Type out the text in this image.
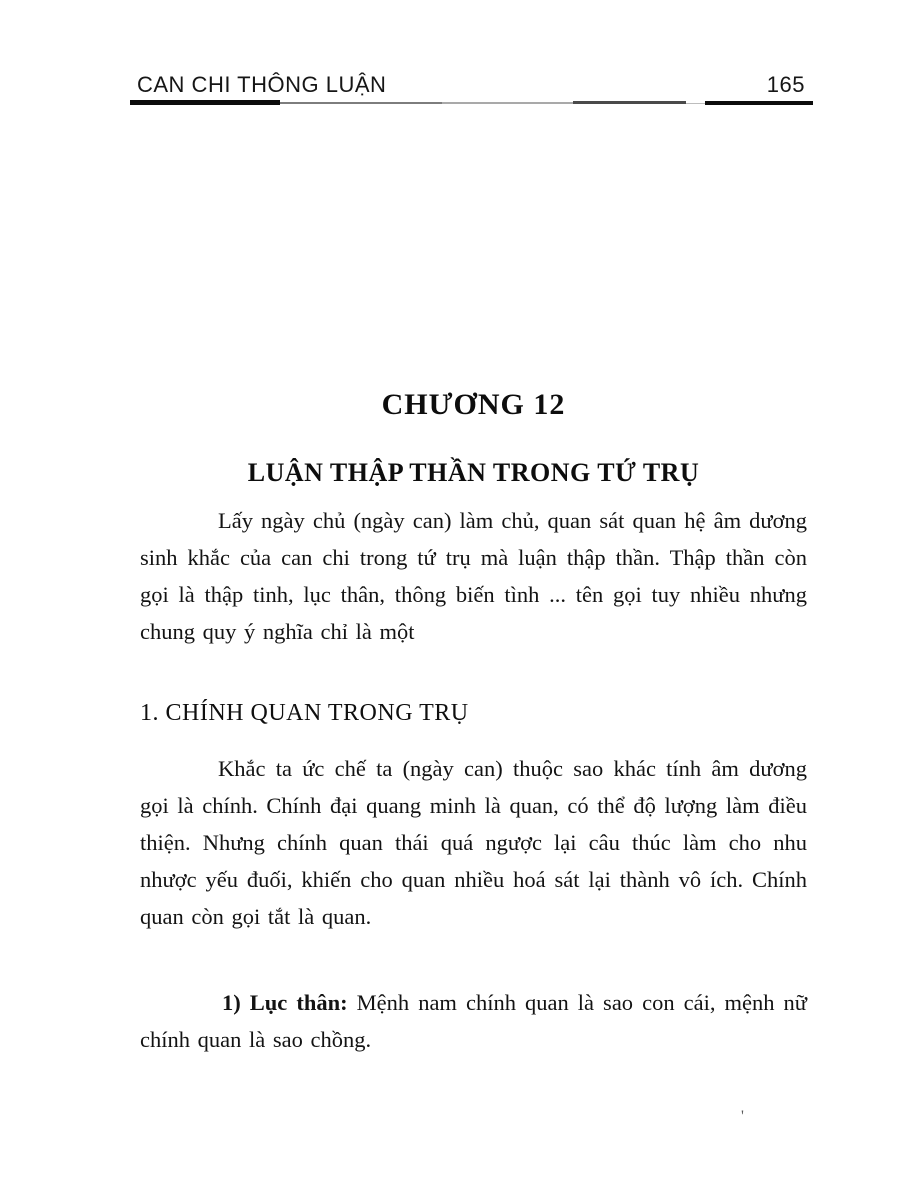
CAN CHI THÔNG LUẬN	165
CHƯƠNG 12
LUẬN THẬP THẦN TRONG TỨ TRỤ

Lấy ngày chủ (ngày can) làm chủ, quan sát quan hệ âm dương sinh khắc của can chi trong tứ trụ mà luận thập thần. Thập thần còn gọi là thập tinh, lục thân, thông biến tình ... tên gọi tuy nhiều nhưng chung quy ý nghĩa chỉ là một

1. CHÍNH QUAN TRONG TRỤ

Khắc ta ức chế ta (ngày can) thuộc sao khác tính âm dương gọi là chính. Chính đại quang minh là quan, có thể độ lượng làm điều thiện. Nhưng chính quan thái quá ngược lại câu thúc làm cho nhu nhược yếu đuối, khiến cho quan nhiều hoá sát lại thành vô ích. Chính quan còn gọi tắt là quan.

1) Lục thân: Mệnh nam chính quan là sao con cái, mệnh nữ chính quan là sao chồng.

'
